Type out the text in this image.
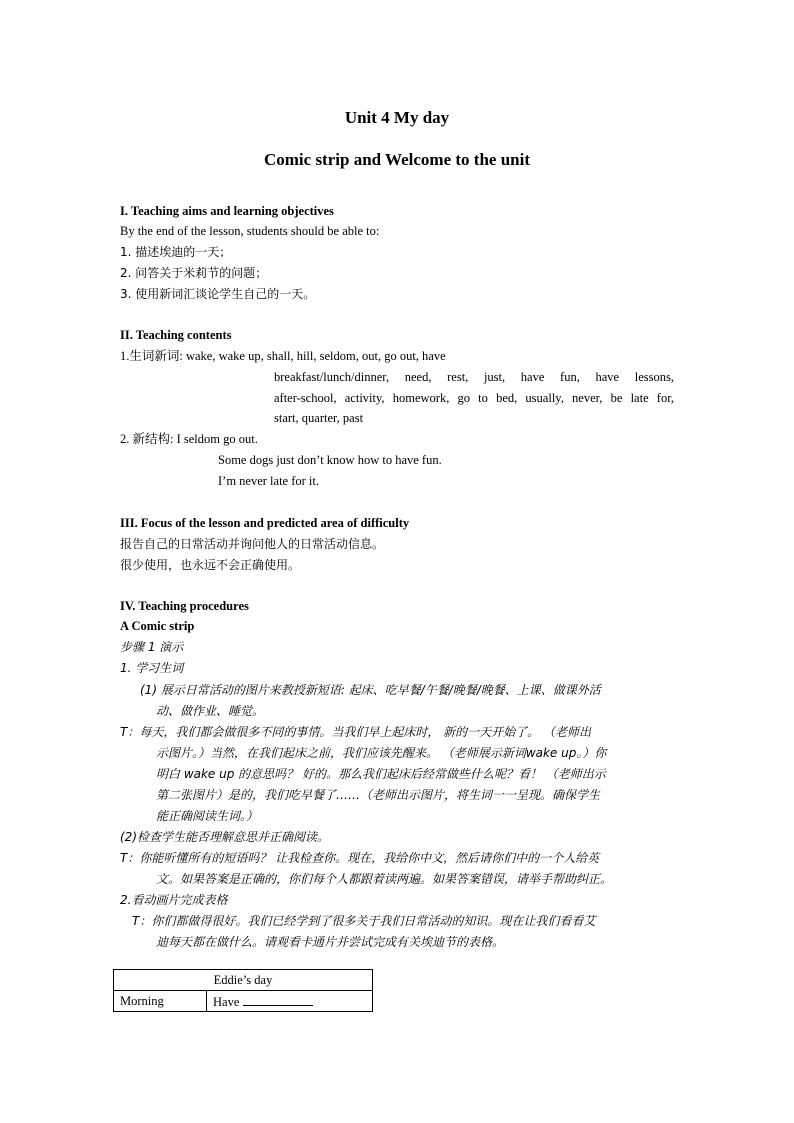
Unit 4 My day
Comic strip and Welcome to the unit
I. Teaching aims and learning objectives
By the end of the lesson, students should be able to:
1. 描述埃迪的一天；
2. 问答关于米莉节的问题；
3. 使用新词汇谈论学生自己的一天。
II. Teaching contents
1.生词新词: wake, wake up, shall, hill, seldom, out, go out, have
breakfast/lunch/dinner, need, rest, just, have fun, have lessons,
after-school, activity, homework, go to bed, usually, never, be late for,
start, quarter, past
2. 新结构: I seldom go out.
Some dogs just don’t know how to have fun.
I’m never late for it.
III. Focus of the lesson and predicted area of difficulty
报告自己的日常活动并询问他人的日常活动信息。
很少使用，也永远不会正确使用。
IV. Teaching procedures
A Comic strip
步骤 1 演示
1. 学习生词
(1) 展示日常活动的图片来教授新短语: 起床、吃早餐/午餐/晚餐/晚餐、上课、做课外活
动、做作业、睡觉。
T：每天，我们都会做很多不同的事情。当我们早上起床时， 新的一天开始了。 （老师出
示图片。）当然，在我们起床之前，我们应该先醒来。 （老师展示新词wake up。）你
明白 wake up 的意思吗？ 好的。那么我们起床后经常做些什么呢？看！ （老师出示
第二张图片）是的，我们吃早餐了……（老师出示图片，将生词一一呈现。确保学生
能正确阅读生词。）
(2)检查学生能否理解意思并正确阅读。
T：你能听懂所有的短语吗？ 让我检查你。现在，我给你中文，然后请你们中的一个人给英
文。如果答案是正确的，你们每个人都跟着读两遍。如果答案错误，请举手帮助纠正。
2.看动画片完成表格
T：你们都做得很好。我们已经学到了很多关于我们日常活动的知识。现在让我们看看艾
迪每天都在做什么。请观看卡通片并尝试完成有关埃迪节的表格。
Eddie’s day
Morning	Have
